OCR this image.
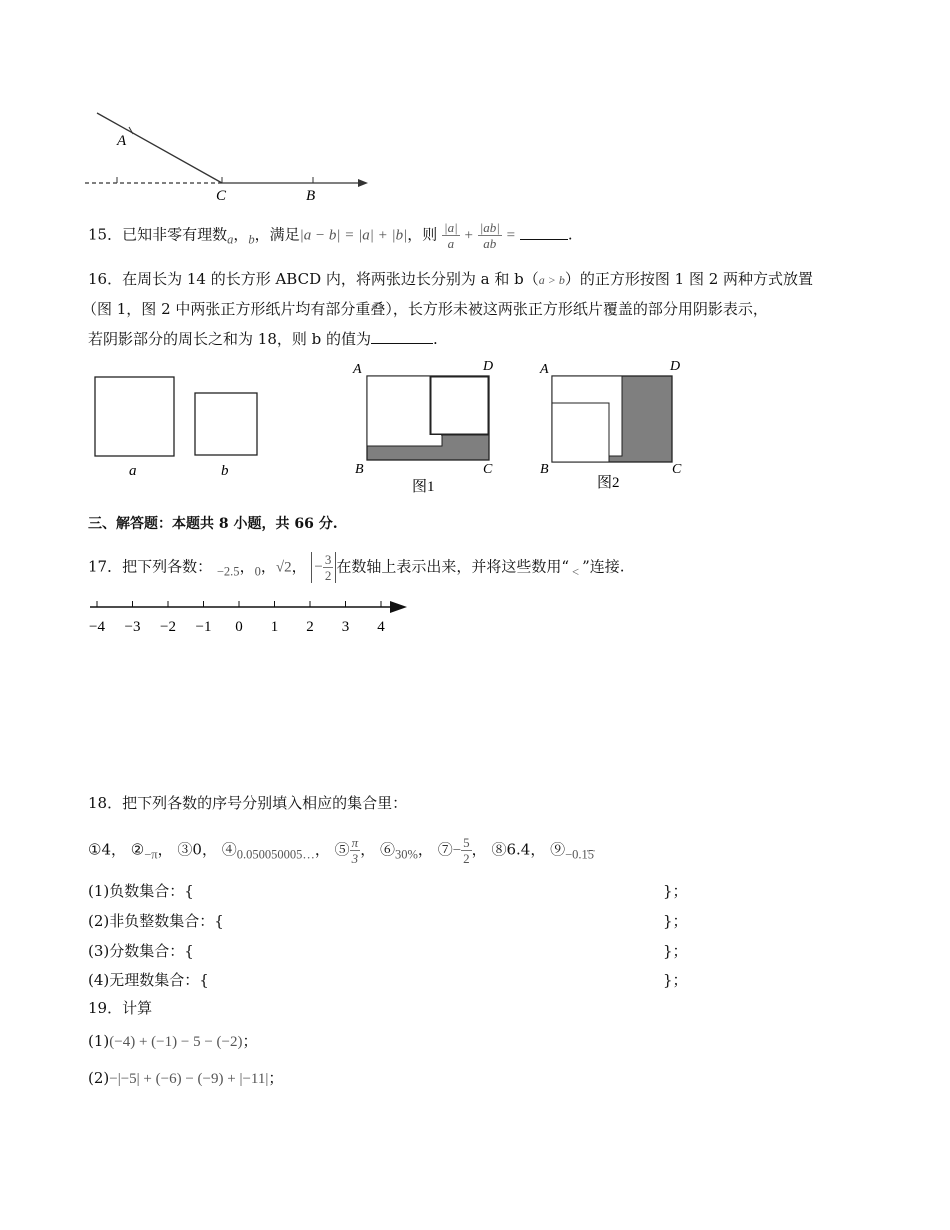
A
C	B
15．已知非零有理数$_a$，$_b$，满足|a − b| = |a| + |b|，则 $\frac{|a|}{a} + \frac{|ab|}{ab}$ =	.
16．在周长为 14 的长方形 ABCD 内，将两张边长分别为 a 和 b（a > b）的正方形按图 1 图 2 两种方式放置
（图 1，图 2 中两张正方形纸片均有部分重叠），长方形未被这两张正方形纸片覆盖的部分用阴影表示，
若阴影部分的周长之和为 18，则 b 的值为	.
a	b
A	D
B	C
图1
A	D
B	C
图2
三、解答题：本题共 8 小题，共 66 分.
17．把下列各数： $_{-2.5}$，$_0$，√2， − $\frac{3}{2}$ 在数轴上表示出来，并将这些数用“ $_<$ ”连接.
−4 −3 −2 −1 0 1 2 3 4
18．把下列各数的序号分别填入相应的集合里：
①4， $②_{-\pi}$， ③0， $④_{0.050050005\dots}$， ⑤ $\frac{\pi}{3}$ ， $⑥_{30\%}$， ⑦− $\frac{5}{2}$ ， ⑧6.4， $⑨_{-0.1̇5̇}$
(1)负数集合：{	}；
(2)非负整数集合：{	}；
(3)分数集合：{	}；
(4)无理数集合：{	}；
19．计算
(1)(−4) + (−1) − 5 − (−2)；
(2)−|−5| + (−6) − (−9) + |−11|；
